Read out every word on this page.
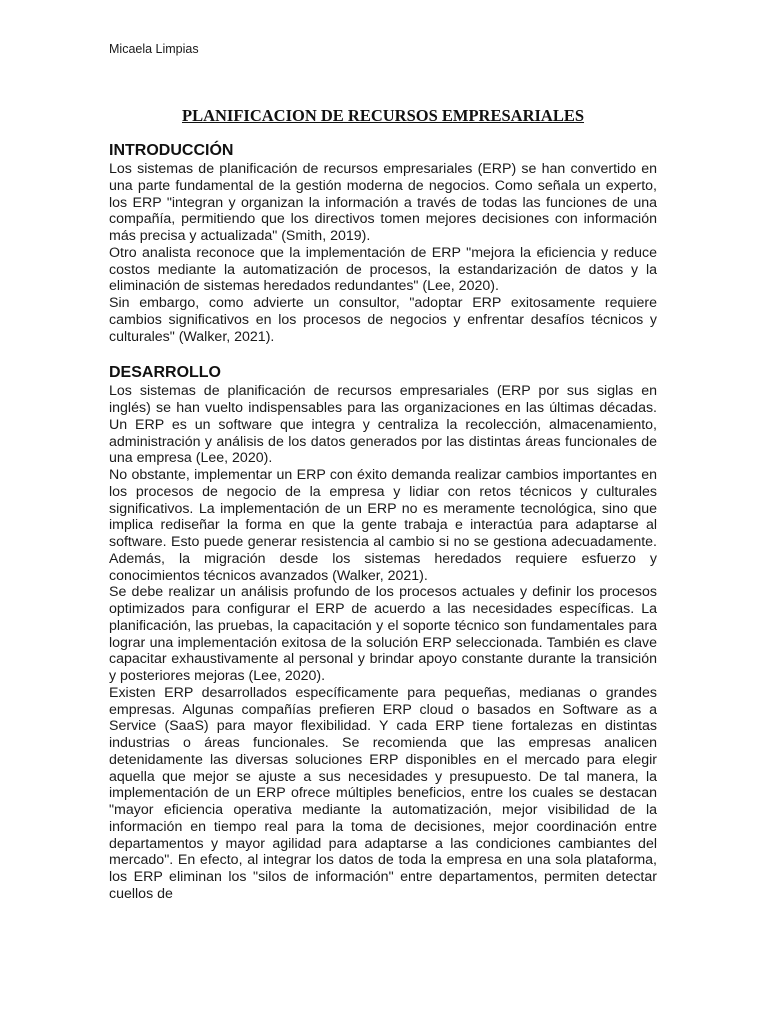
Micaela Limpias
PLANIFICACION DE RECURSOS EMPRESARIALES
INTRODUCCIÓN

Los sistemas de planificación de recursos empresariales (ERP) se han convertido en una parte fundamental de la gestión moderna de negocios. Como señala un experto, los ERP "integran y organizan la información a través de todas las funciones de una compañía, permitiendo que los directivos tomen mejores decisiones con información más precisa y actualizada" (Smith, 2019).

Otro analista reconoce que la implementación de ERP "mejora la eficiencia y reduce costos mediante la automatización de procesos, la estandarización de datos y la eliminación de sistemas heredados redundantes" (Lee, 2020).

Sin embargo, como advierte un consultor, "adoptar ERP exitosamente requiere cambios significativos en los procesos de negocios y enfrentar desafíos técnicos y culturales" (Walker, 2021).

DESARROLLO

Los sistemas de planificación de recursos empresariales (ERP por sus siglas en inglés) se han vuelto indispensables para las organizaciones en las últimas décadas. Un ERP es un software que integra y centraliza la recolección, almacenamiento, administración y análisis de los datos generados por las distintas áreas funcionales de una empresa (Lee, 2020).

No obstante, implementar un ERP con éxito demanda realizar cambios importantes en los procesos de negocio de la empresa y lidiar con retos técnicos y culturales significativos. La implementación de un ERP no es meramente tecnológica, sino que implica rediseñar la forma en que la gente trabaja e interactúa para adaptarse al software. Esto puede generar resistencia al cambio si no se gestiona adecuadamente. Además, la migración desde los sistemas heredados requiere esfuerzo y conocimientos técnicos avanzados (Walker, 2021).

Se debe realizar un análisis profundo de los procesos actuales y definir los procesos optimizados para configurar el ERP de acuerdo a las necesidades específicas. La planificación, las pruebas, la capacitación y el soporte técnico son fundamentales para lograr una implementación exitosa de la solución ERP seleccionada. También es clave capacitar exhaustivamente al personal y brindar apoyo constante durante la transición y posteriores mejoras (Lee, 2020).

Existen ERP desarrollados específicamente para pequeñas, medianas o grandes empresas. Algunas compañías prefieren ERP cloud o basados en Software as a Service (SaaS) para mayor flexibilidad. Y cada ERP tiene fortalezas en distintas industrias o áreas funcionales. Se recomienda que las empresas analicen detenidamente las diversas soluciones ERP disponibles en el mercado para elegir aquella que mejor se ajuste a sus necesidades y presupuesto. De tal manera, la implementación de un ERP ofrece múltiples beneficios, entre los cuales se destacan "mayor eficiencia operativa mediante la automatización, mejor visibilidad de la información en tiempo real para la toma de decisiones, mejor coordinación entre departamentos y mayor agilidad para adaptarse a las condiciones cambiantes del mercado". En efecto, al integrar los datos de toda la empresa en una sola plataforma, los ERP eliminan los "silos de información" entre departamentos, permiten detectar cuellos de
